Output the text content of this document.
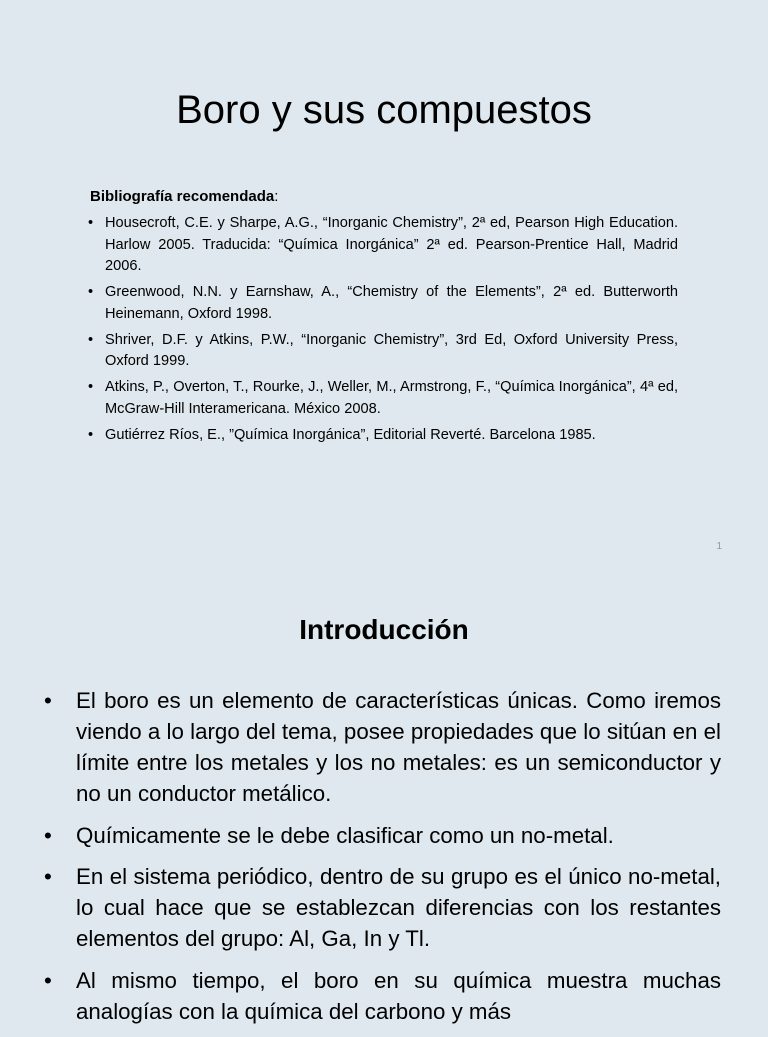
Boro y sus compuestos

Bibliografía recomendada:

• Housecroft, C.E. y Sharpe, A.G., “Inorganic Chemistry”, 2ª ed, Pearson High Education. Harlow 2005. Traducida: “Química Inorgánica” 2ª ed. Pearson-Prentice Hall, Madrid 2006.
• Greenwood, N.N. y Earnshaw, A., “Chemistry of the Elements”, 2ª ed. Butterworth Heinemann, Oxford 1998.
• Shriver, D.F. y Atkins, P.W., “Inorganic Chemistry”, 3rd Ed, Oxford University Press, Oxford 1999.
• Atkins, P., Overton, T., Rourke, J., Weller, M., Armstrong, F., “Química Inorgánica”, 4ª ed, McGraw-Hill Interamericana. México 2008.
• Gutiérrez Ríos, E., ”Química Inorgánica”, Editorial Reverté. Barcelona 1985.
1
Introducción
• El boro es un elemento de características únicas. Como iremos viendo a lo largo del tema, posee propiedades que lo sitúan en el límite entre los metales y los no metales: es un semiconductor y no un conductor metálico.
• Químicamente se le debe clasificar como un no-metal.
• En el sistema periódico, dentro de su grupo es el único no-metal, lo cual hace que se establezcan diferencias con los restantes elementos del grupo: Al, Ga, In y Tl.
• Al mismo tiempo, el boro en su química muestra muchas analogías con la química del carbono y más
